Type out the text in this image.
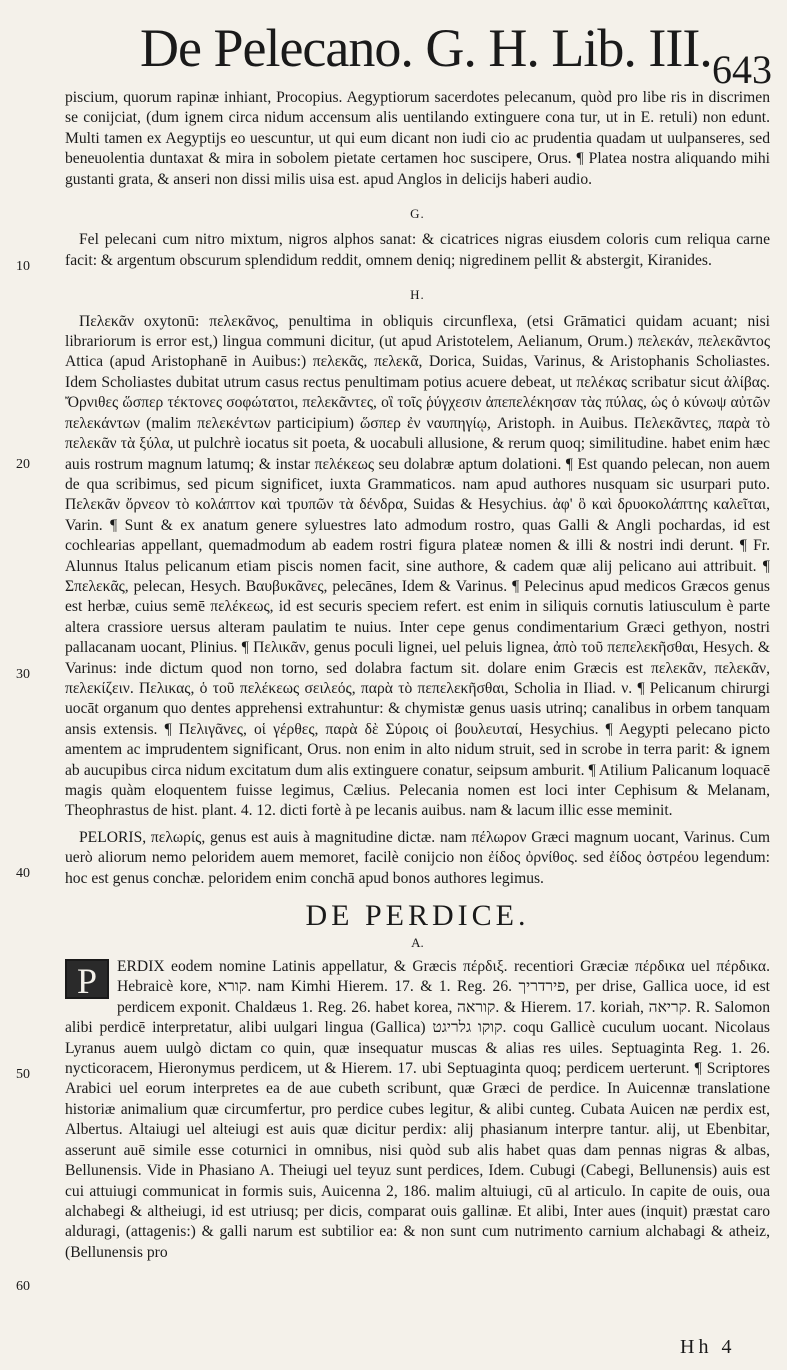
De Pelecano. G. H. Lib. III. 643
10
20
30
40
50
60

piscium, quorum rapinæ inhiant, Procopius. Aegyptiorum sacerdotes pelecanum, quòd pro libe ris in discrimen se conijciat, (dum ignem circa nidum accensum alis uentilando extinguere cona tur, ut in E. retuli) non edunt. Multi tamen ex Aegyptijs eo uescuntur, ut qui eum dicant non iudi cio ac prudentia quadam ut uulpanseres, sed beneuolentia duntaxat & mira in sobolem pietate certamen hoc suscipere, Orus. ¶ Platea nostra aliquando mihi gustanti grata, & anseri non dissi milis uisa est. apud Anglos in delicijs haberi audio.

G.

Fel pelecani cum nitro mixtum, nigros alphos sanat: & cicatrices nigras eiusdem coloris cum reliqua carne facit: & argentum obscurum splendidum reddit, omnem deniq; nigredinem pellit & abstergit, Kiranides.

H.

Πελεκᾶν oxytonū: πελεκᾶνος, penultima in obliquis circunflexa, (etsi Grāmatici quidam acuant; nisi librariorum is error est,) lingua communi dicitur, (ut apud Aristotelem, Aelianum, Orum.) πελεκάν, πελεκᾶντος Attica (apud Aristophanē in Auibus:) πελεκᾶς, πελεκᾶ, Dorica, Suidas, Varinus, & Aristophanis Scholiastes. Idem Scholiastes dubitat utrum casus rectus penultimam potius acuere debeat, ut πελέκας scribatur sicut ἀλίβας. Ὄρνιθες ὥσπερ τέκτονες σοφώτατοι, πελεκᾶντες, οἳ τοῖς ῥύγχεσιν ἀπεπελέκησαν τὰς πύλας, ὡς ὁ κύνωψ αὐτῶν πελεκάντων (malim πελεκέντων participium) ὥσπερ ἐν ναυπηγίῳ, Aristoph. in Auibus. Πελεκᾶντες, παρὰ τὸ πελεκᾶν τὰ ξύλα, ut pulchrè iocatus sit poeta, & uocabuli allusione, & rerum quoq; similitudine. habet enim hæc auis rostrum magnum latumq; & instar πελέκεως seu dolabræ aptum dolationi. ¶ Est quando pelecan, non auem de qua scribimus, sed picum significet, iuxta Grammaticos. nam apud authores nusquam sic usurpari puto. Πελεκᾶν ὄρνεον τὸ κολάπτον καὶ τρυπῶν τὰ δένδρα, Suidas & Hesychius. ἀφ' ὃ καὶ δρυοκολάπτης καλεῖται, Varin. ¶ Sunt & ex anatum genere syluestres lato admodum rostro, quas Galli & Angli pochardas, id est cochlearias appellant, quemadmodum ab eadem rostri figura plateæ nomen & illi & nostri indi derunt. ¶ Fr. Alunnus Italus pelicanum etiam piscis nomen facit, sine authore, & cadem quæ alij pelicano aui attribuit. ¶ Σπελεκᾶς, pelecan, Hesych. Βαυβυκᾶνες, pelecānes, Idem & Varinus. ¶ Pelecinus apud medicos Græcos genus est herbæ, cuius semē πελέκεως, id est securis speciem refert. est enim in siliquis cornutis latiusculum è parte altera crassiore uersus alteram paulatim te nuius. Inter cepe genus condimentarium Græci gethyon, nostri pallacanam uocant, Plinius. ¶ Πελικᾶν, genus poculi lignei, uel peluis lignea, ἀπὸ τοῦ πεπελεκῆσθαι, Hesych. & Varinus: inde dictum quod non torno, sed dolabra factum sit. dolare enim Græcis est πελεκᾶν, πελεκᾶν, πελεκίζειν. Πελικας, ὁ τοῦ πελέκεως σειλεός, παρὰ τὸ πεπελεκῆσθαι, Scholia in Iliad. ν. ¶ Pelicanum chirurgi uocāt organum quo dentes apprehensi extrahuntur: & chymistæ genus uasis utrinq; canalibus in orbem tanquam ansis extensis. ¶ Πελιγᾶνες, οἱ γέρθες, παρὰ δὲ Σύροις οἱ βουλευταί, Hesychius. ¶ Aegypti pelecano picto amentem ac imprudentem significant, Orus. non enim in alto nidum struit, sed in scrobe in terra parit: & ignem ab aucupibus circa nidum excitatum dum alis extinguere conatur, seipsum amburit. ¶ Atilium Palicanum loquacē magis quàm eloquentem fuisse legimus, Cælius. Pelecania nomen est loci inter Cephisum & Melanam, Theophrastus de hist. plant. 4. 12. dicti fortè à pe lecanis auibus. nam & lacum illic esse meminit.

PELORIS, πελωρίς, genus est auis à magnitudine dictæ. nam πέλωρον Græci magnum uocant, Varinus. Cum uerò aliorum nemo peloridem auem memoret, facilè conijcio non ἐίδος ὀρνίθος. sed ἐίδος ὀστρέου legendum: hoc est genus conchæ. peloridem enim conchā apud bonos authores legimus.

DE PERDICE.
A.
P	ERDIX eodem nomine Latinis appellatur, & Græcis πέρδιξ. recentiori Græciæ πέρδικα uel πέρδικα. Hebraicè kore, קורא. nam Kimhi Hierem. 17. & 1. Reg. 26. פירדריך, per drise, Gallica uoce, id est perdicem exponit. Chaldæus 1. Reg. 26. habet korea, קוראה. & Hierem. 17. koriah, קריאה. R. Salomon alibi perdicē interpretatur, alibi uulgari lingua (Gallica) קוקו גלריגט. coqu Gallicè cuculum uocant. Nicolaus Lyranus auem uulgò dictam co quin, quæ insequatur muscas & alias res uiles. Septuaginta Reg. 1. 26. nycticoracem, Hieronymus perdicem, ut & Hierem. 17. ubi Septuaginta quoq; perdicem uerterunt. ¶ Scriptores Arabici uel eorum interpretes ea de aue cubeth scribunt, quæ Græci de perdice. In Auicennæ translatione historiæ animalium quæ circumfertur, pro perdice cubes legitur, & alibi cunteg. Cubata Auicen næ perdix est, Albertus. Altaiugi uel alteiugi est auis quæ dicitur perdix: alij phasianum interpre tantur. alij, ut Ebenbitar, asserunt auē simile esse coturnici in omnibus, nisi quòd sub alis habet quas dam pennas nigras & albas, Bellunensis. Vide in Phasiano A. Theiugi uel teyuz sunt perdices, Idem. Cubugi (Cabegi, Bellunensis) auis est cui attuiugi communicat in formis suis, Auicenna 2, 186. malim altuiugi, cū al articulo. In capite de ouis, oua alchabegi & altheiugi, id est utriusq; per dicis, comparat ouis gallinæ. Et alibi, Inter aues (inquit) præstat caro alduragi, (attagenis:) & galli narum est subtilior ea: & non sunt cum nutrimento carnium alchabagi & atheiz, (Bellunensis pro
Hh 4
